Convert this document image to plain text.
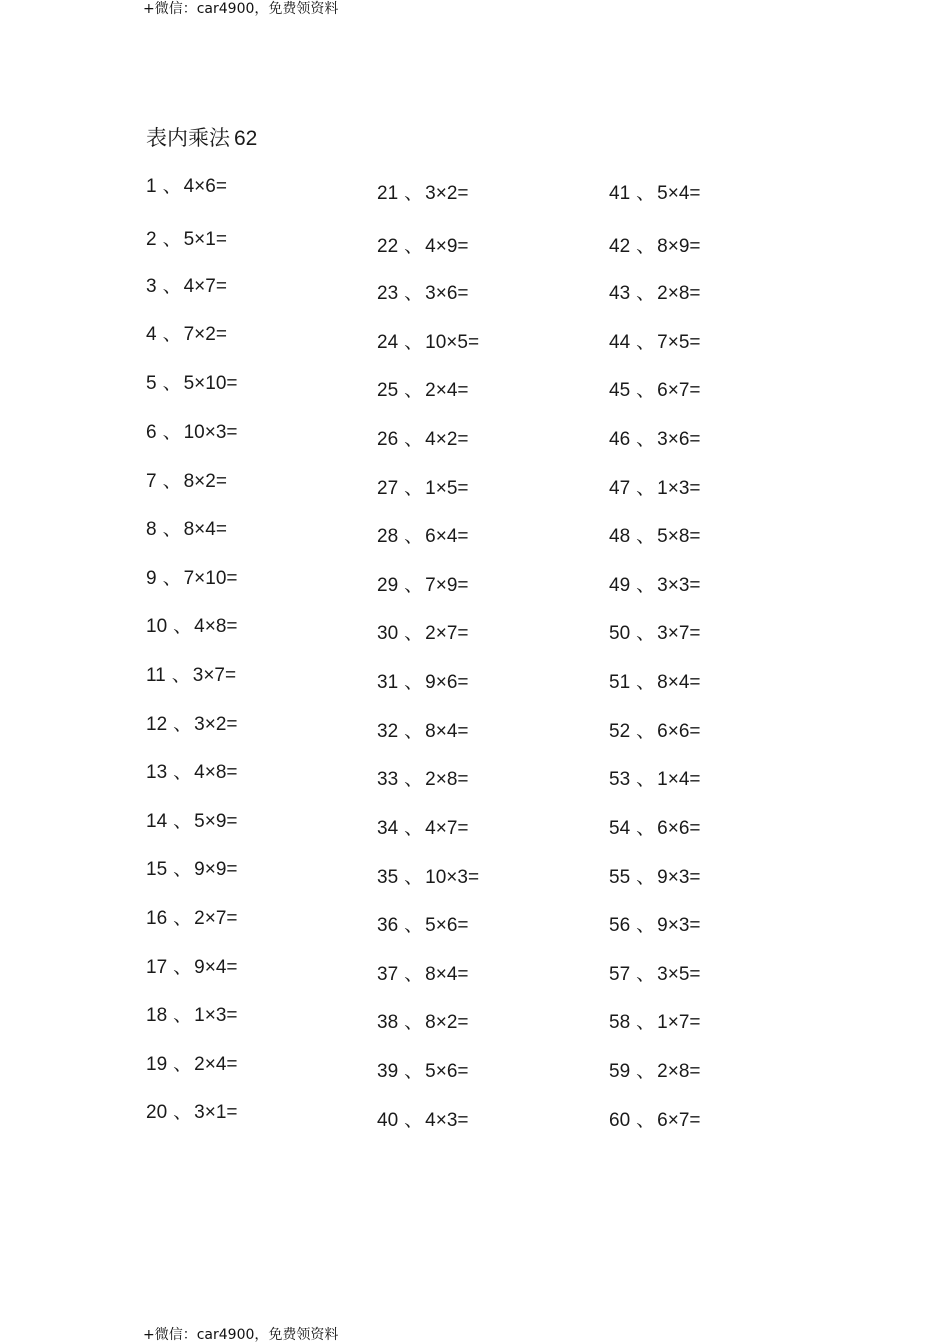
+微信：car4900，免费领资料
表内乘法 62
1 、 4×6=
2 、 5×1=
3 、 4×7=
4 、 7×2=
5 、 5×10=
6 、 10×3=
7 、 8×2=
8 、 8×4=
9 、 7×10=
10 、 4×8=
11 、 3×7=
12 、 3×2=
13 、 4×8=
14 、 5×9=
15 、 9×9=
16 、 2×7=
17 、 9×4=
18 、 1×3=
19 、 2×4=
20 、 3×1=
21 、 3×2=
22 、 4×9=
23 、 3×6=
24 、 10×5=
25 、 2×4=
26 、 4×2=
27 、 1×5=
28 、 6×4=
29 、 7×9=
30 、 2×7=
31 、 9×6=
32 、 8×4=
33 、 2×8=
34 、 4×7=
35 、 10×3=
36 、 5×6=
37 、 8×4=
38 、 8×2=
39 、 5×6=
40 、 4×3=
41 、 5×4=
42 、 8×9=
43 、 2×8=
44 、 7×5=
45 、 6×7=
46 、 3×6=
47 、 1×3=
48 、 5×8=
49 、 3×3=
50 、 3×7=
51 、 8×4=
52 、 6×6=
53 、 1×4=
54 、 6×6=
55 、 9×3=
56 、 9×3=
57 、 3×5=
58 、 1×7=
59 、 2×8=
60 、 6×7=
+微信：car4900，免费领资料
